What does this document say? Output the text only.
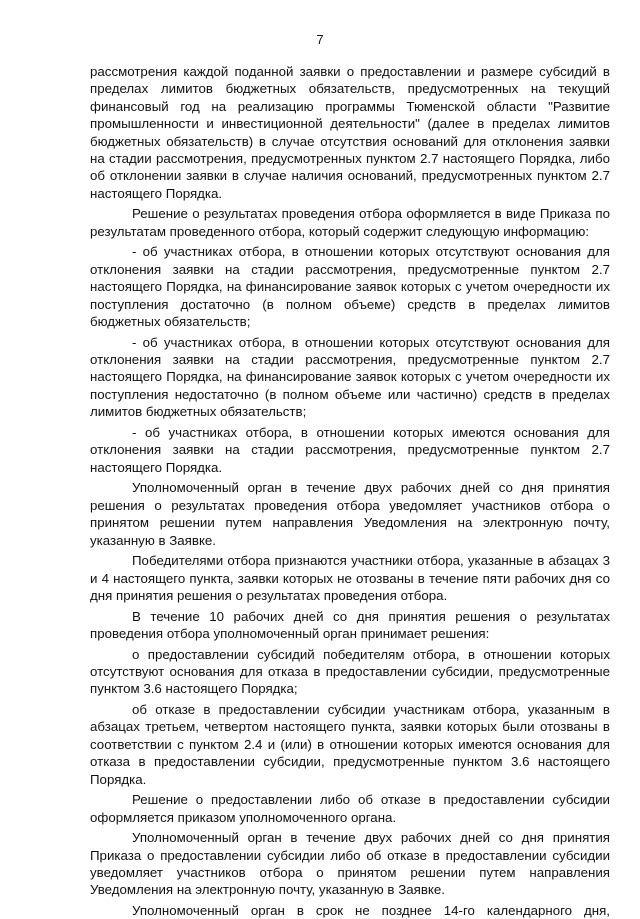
7

рассмотрения каждой поданной заявки о предоставлении и размере субсидий в пределах лимитов бюджетных обязательств, предусмотренных на текущий финансовый год на реализацию программы Тюменской области "Развитие промышленности и инвестиционной деятельности" (далее в пределах лимитов бюджетных обязательств) в случае отсутствия оснований для отклонения заявки на стадии рассмотрения, предусмотренных пунктом 2.7 настоящего Порядка, либо об отклонении заявки в случае наличия оснований, предусмотренных пунктом 2.7 настоящего Порядка.

Решение о результатах проведения отбора оформляется в виде Приказа по результатам проведенного отбора, который содержит следующую информацию:

- об участниках отбора, в отношении которых отсутствуют основания для отклонения заявки на стадии рассмотрения, предусмотренные пунктом 2.7 настоящего Порядка, на финансирование заявок которых с учетом очередности их поступления достаточно (в полном объеме) средств в пределах лимитов бюджетных обязательств;

- об участниках отбора, в отношении которых отсутствуют основания для отклонения заявки на стадии рассмотрения, предусмотренные пунктом 2.7 настоящего Порядка, на финансирование заявок которых с учетом очередности их поступления недостаточно (в полном объеме или частично) средств в пределах лимитов бюджетных обязательств;

- об участниках отбора, в отношении которых имеются основания для отклонения заявки на стадии рассмотрения, предусмотренные пунктом 2.7 настоящего Порядка.

Уполномоченный орган в течение двух рабочих дней со дня принятия решения о результатах проведения отбора уведомляет участников отбора о принятом решении путем направления Уведомления на электронную почту, указанную в Заявке.

Победителями отбора признаются участники отбора, указанные в абзацах 3 и 4 настоящего пункта, заявки которых не отозваны в течение пяти рабочих дня со дня принятия решения о результатах проведения отбора.

В течение 10 рабочих дней со дня принятия решения о результатах проведения отбора уполномоченный орган принимает решения:

о предоставлении субсидий победителям отбора, в отношении которых отсутствуют основания для отказа в предоставлении субсидии, предусмотренные пунктом 3.6 настоящего Порядка;

об отказе в предоставлении субсидии участникам отбора, указанным в абзацах третьем, четвертом настоящего пункта, заявки которых были отозваны в соответствии с пунктом 2.4 и (или) в отношении которых имеются основания для отказа в предоставлении субсидии, предусмотренные пунктом 3.6 настоящего Порядка.

Решение о предоставлении либо об отказе в предоставлении субсидии оформляется приказом уполномоченного органа.

Уполномоченный орган в течение двух рабочих дней со дня принятия Приказа о предоставлении субсидии либо об отказе в предоставлении субсидии уведомляет участников отбора о принятом решении путем направления Уведомления на электронную почту, указанную в Заявке.

Уполномоченный орган в срок не позднее 14-го календарного дня,
